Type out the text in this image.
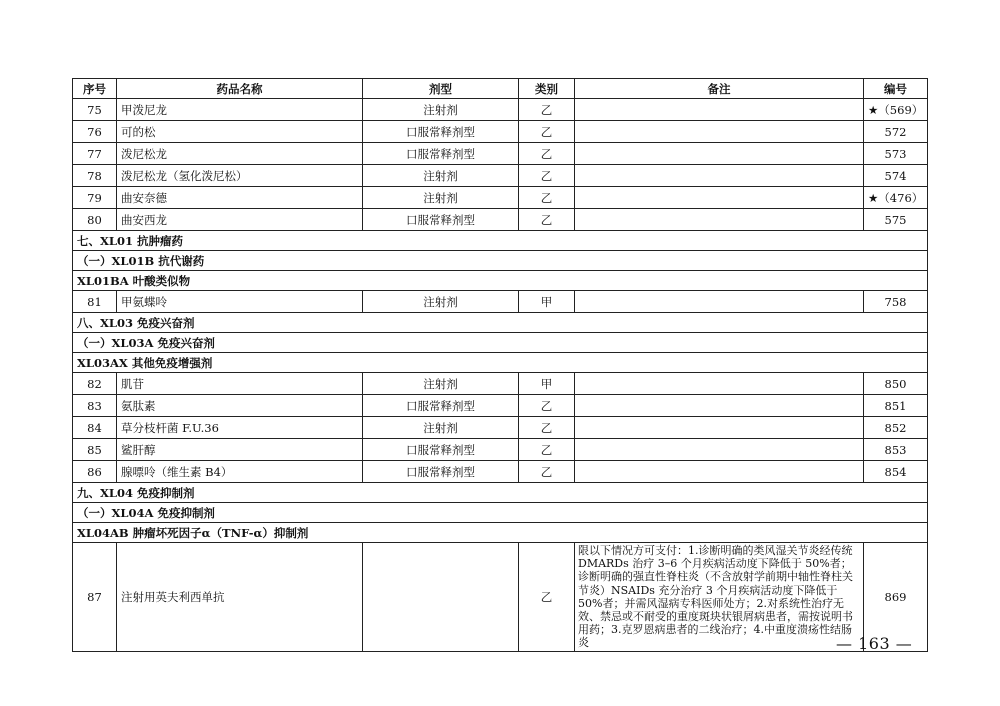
序号	药品名称	剂型	类别	备注	编号
75	甲泼尼龙	注射剂	乙		★（569）
76	可的松	口服常释剂型	乙		572
77	泼尼松龙	口服常释剂型	乙		573
78	泼尼松龙（氢化泼尼松）	注射剂	乙		574
79	曲安奈德	注射剂	乙		★（476）
80	曲安西龙	口服常释剂型	乙		575
七、XL01 抗肿瘤药					
（一）XL01B 抗代谢药					
XL01BA 叶酸类似物					
81	甲氨蝶呤	注射剂	甲		758
八、XL03 免疫兴奋剂					
（一）XL03A 免疫兴奋剂					
XL03AX 其他免疫增强剂					
82	肌苷	注射剂	甲		850
83	氨肽素	口服常释剂型	乙		851
84	草分枝杆菌 F.U.36	注射剂	乙		852
85	鲨肝醇	口服常释剂型	乙		853
86	腺嘌呤（维生素 B4）	口服常释剂型	乙		854
九、XL04 免疫抑制剂					
（一）XL04A 免疫抑制剂					
XL04AB 肿瘤坏死因子α（TNF-α）抑制剂					
87	注射用英夫利西单抗		乙	限以下情况方可支付：1.诊断明确的类风湿关节炎经传统 DMARDs 治疗 3–6 个月疾病活动度下降低于 50%者；诊断明确的强直性脊柱炎（不含放射学前期中轴性脊柱关节炎）NSAIDs 充分治疗 3 个月疾病活动度下降低于 50%者；并需风湿病专科医师处方；2.对系统性治疗无效、禁忌或不耐受的重度斑块状银屑病患者，需按说明书用药；3.克罗恩病患者的二线治疗；4.中重度溃疡性结肠炎	869
— 163 —
